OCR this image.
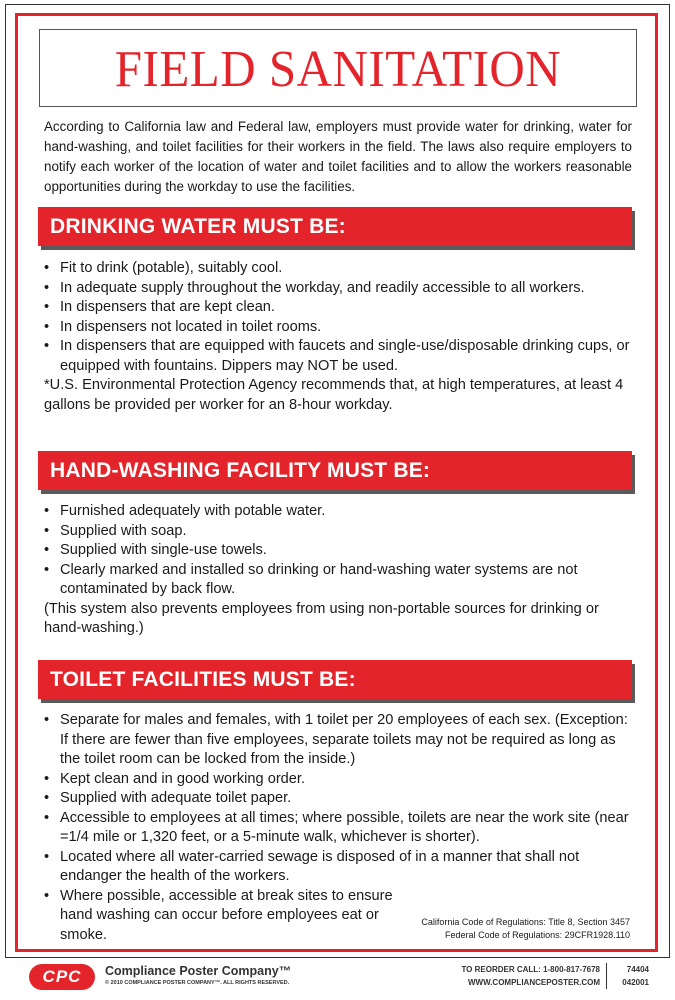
FIELD SANITATION

According to California law and Federal law, employers must provide water for drinking, water for hand-washing, and toilet facilities for their workers in the field. The laws also require employers to notify each worker of the location of water and toilet facilities and to allow the workers reasonable opportunities during the workday to use the facilities.

DRINKING WATER MUST BE:
• Fit to drink (potable), suitably cool.
• In adequate supply throughout the workday, and readily accessible to all workers.
• In dispensers that are kept clean.
• In dispensers not located in toilet rooms.
• In dispensers that are equipped with faucets and single-use/disposable drinking cups, or equipped with fountains. Dippers may NOT be used.
*U.S. Environmental Protection Agency recommends that, at high temperatures, at least 4 gallons be provided per worker for an 8-hour workday.
HAND-WASHING FACILITY MUST BE:
• Furnished adequately with potable water.
• Supplied with soap.
• Supplied with single-use towels.
• Clearly marked and installed so drinking or hand-washing water systems are not contaminated by back flow.
(This system also prevents employees from using non-portable sources for drinking or hand-washing.)
TOILET FACILITIES MUST BE:
• Separate for males and females, with 1 toilet per 20 employees of each sex. (Exception: If there are fewer than five employees, separate toilets may not be required as long as the toilet room can be locked from the inside.)
• Kept clean and in good working order.
• Supplied with adequate toilet paper.
• Accessible to employees at all times; where possible, toilets are near the work site (near =1/4 mile or 1,320 feet, or a 5-minute walk, whichever is shorter).
• Located where all water-carried sewage is disposed of in a manner that shall not endanger the health of the workers.
• Where possible, accessible at break sites to ensure hand washing can occur before employees eat or smoke.
California Code of Regulations: Title 8, Section 3457
Federal Code of Regulations: 29CFR1928.110
CPC	Compliance Poster Company™
© 2010 COMPLIANCE POSTER COMPANY™. ALL RIGHTS RESERVED.
TO REORDER CALL: 1-800-817-7678
WWW.COMPLIANCEPOSTER.COM
74404
042001
